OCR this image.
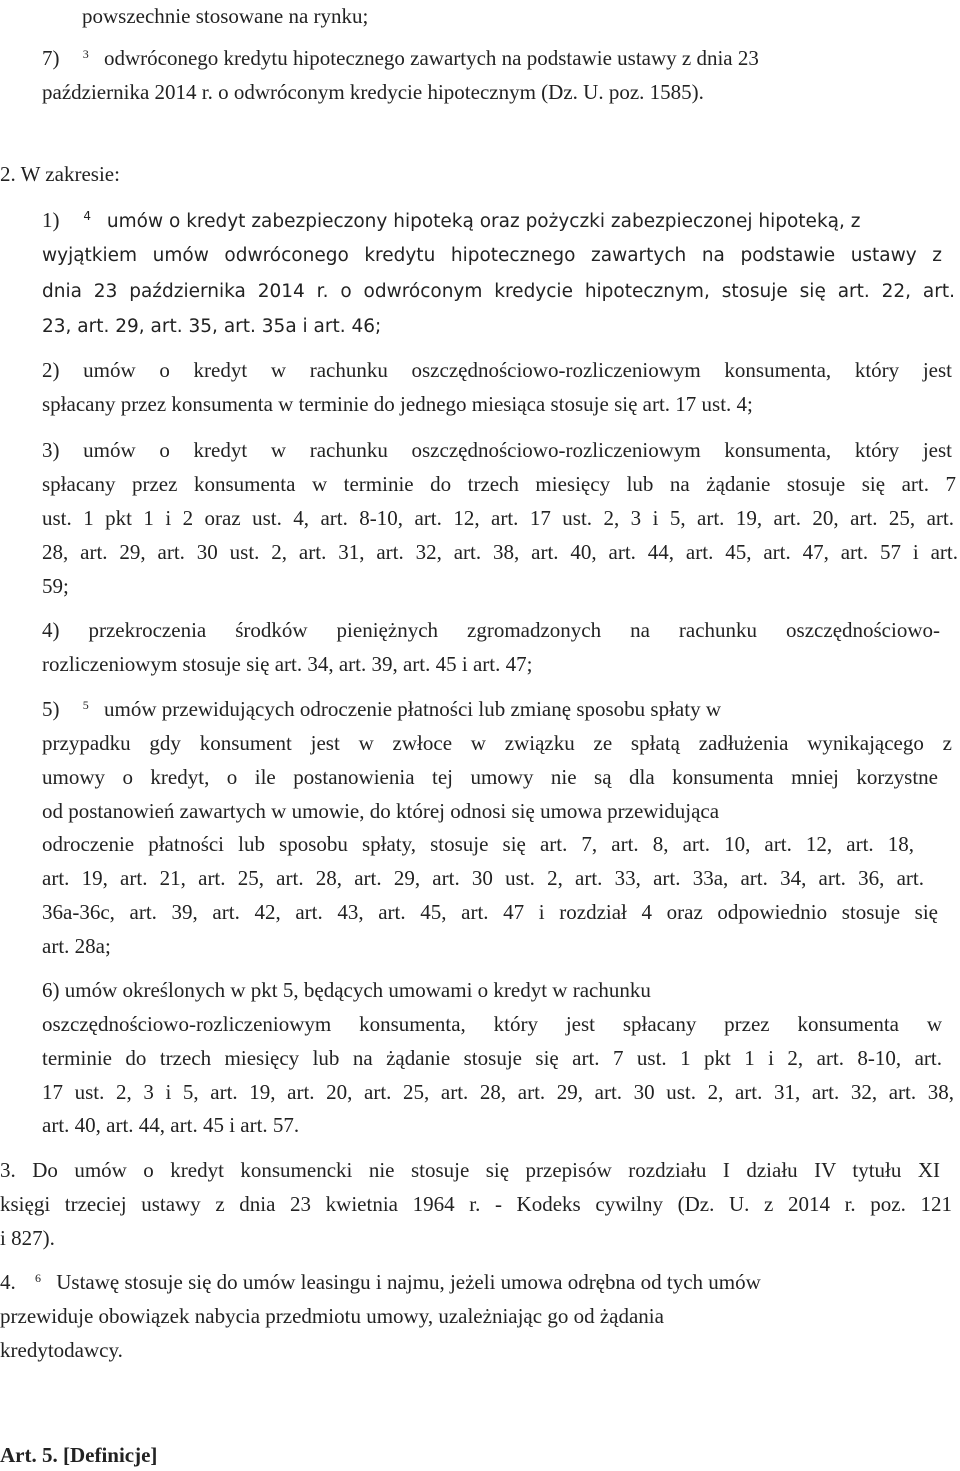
powszechnie stosowane na rynku;
7) $^3$ odwróconego kredytu hipotecznego zawartych na podstawie ustawy z dnia 23
października 2014 r. o odwróconym kredycie hipotecznym (Dz. U. poz. 1585).
2. W zakresie:
1) $^4$ umów o kredyt zabezpieczony hipoteką oraz pożyczki zabezpieczonej hipoteką, z
wyjątkiem umów odwróconego kredytu hipotecznego zawartych na podstawie ustawy z
dnia 23 października 2014 r. o odwróconym kredycie hipotecznym, stosuje się art. 22, art.
23, art. 29, art. 35, art. 35a i art. 46;
2) umów o kredyt w rachunku oszczędnościowo-rozliczeniowym konsumenta, który jest
spłacany przez konsumenta w terminie do jednego miesiąca stosuje się art. 17 ust. 4;
3) umów o kredyt w rachunku oszczędnościowo-rozliczeniowym konsumenta, który jest
spłacany przez konsumenta w terminie do trzech miesięcy lub na żądanie stosuje się art. 7
ust. 1 pkt 1 i 2 oraz ust. 4, art. 8-10, art. 12, art. 17 ust. 2, 3 i 5, art. 19, art. 20, art. 25, art.
28, art. 29, art. 30 ust. 2, art. 31, art. 32, art. 38, art. 40, art. 44, art. 45, art. 47, art. 57 i art.
59;
4) przekroczenia środków pieniężnych zgromadzonych na rachunku oszczędnościowo-
rozliczeniowym stosuje się art. 34, art. 39, art. 45 i art. 47;
5) $^5$ umów przewidujących odroczenie płatności lub zmianę sposobu spłaty w
przypadku gdy konsument jest w zwłoce w związku ze spłatą zadłużenia wynikającego z
umowy o kredyt, o ile postanowienia tej umowy nie są dla konsumenta mniej korzystne
od postanowień zawartych w umowie, do której odnosi się umowa przewidująca
odroczenie płatności lub sposobu spłaty, stosuje się art. 7, art. 8, art. 10, art. 12, art. 18,
art. 19, art. 21, art. 25, art. 28, art. 29, art. 30 ust. 2, art. 33, art. 33a, art. 34, art. 36, art.
36a-36c, art. 39, art. 42, art. 43, art. 45, art. 47 i rozdział 4 oraz odpowiednio stosuje się
art. 28a;
6) umów określonych w pkt 5, będących umowami o kredyt w rachunku
oszczędnościowo-rozliczeniowym konsumenta, który jest spłacany przez konsumenta w
terminie do trzech miesięcy lub na żądanie stosuje się art. 7 ust. 1 pkt 1 i 2, art. 8-10, art.
17 ust. 2, 3 i 5, art. 19, art. 20, art. 25, art. 28, art. 29, art. 30 ust. 2, art. 31, art. 32, art. 38,
art. 40, art. 44, art. 45 i art. 57.
3. Do umów o kredyt konsumencki nie stosuje się przepisów rozdziału I działu IV tytułu XI
księgi trzeciej ustawy z dnia 23 kwietnia 1964 r. - Kodeks cywilny (Dz. U. z 2014 r. poz. 121
i 827).
4. $^6$ Ustawę stosuje się do umów leasingu i najmu, jeżeli umowa odrębna od tych umów
przewiduje obowiązek nabycia przedmiotu umowy, uzależniając go od żądania
kredytodawcy.
Art. 5. [Definicje]
